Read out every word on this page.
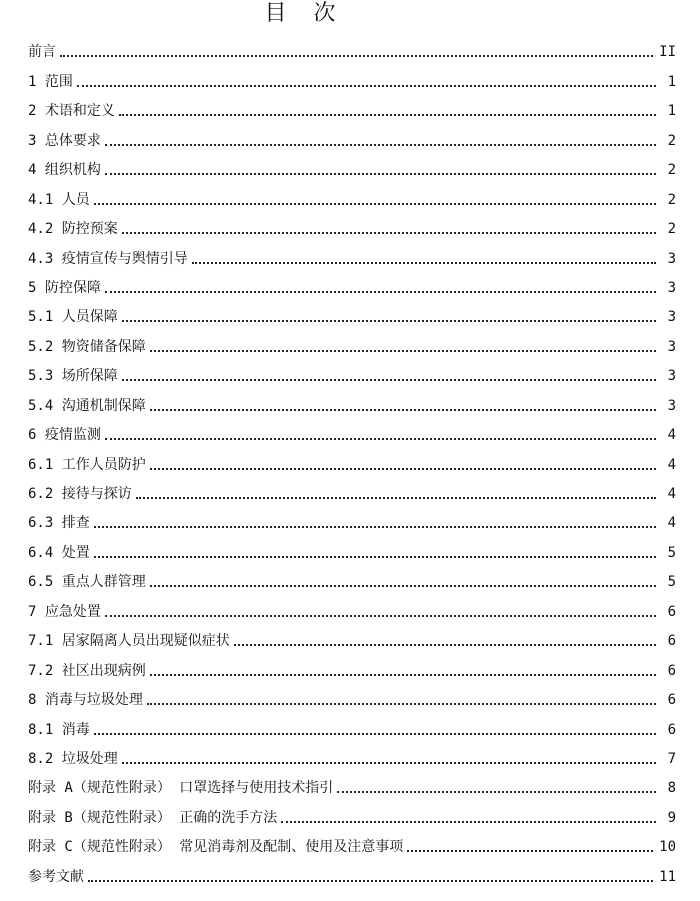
目 次
前言	II
1 范围	1
2 术语和定义	1
3 总体要求	2
4 组织机构	2
4.1 人员	2
4.2 防控预案	2
4.3 疫情宣传与舆情引导	3
5 防控保障	3
5.1 人员保障	3
5.2 物资储备保障	3
5.3 场所保障	3
5.4 沟通机制保障	3
6 疫情监测	4
6.1 工作人员防护	4
6.2 接待与探访	4
6.3 排查	4
6.4 处置	5
6.5 重点人群管理	5
7 应急处置	6
7.1 居家隔离人员出现疑似症状	6
7.2 社区出现病例	6
8 消毒与垃圾处理	6
8.1 消毒	6
8.2 垃圾处理	7
附录 A（规范性附录） 口罩选择与使用技术指引	8
附录 B（规范性附录） 正确的洗手方法	9
附录 C（规范性附录） 常见消毒剂及配制、使用及注意事项	10
参考文献	11
